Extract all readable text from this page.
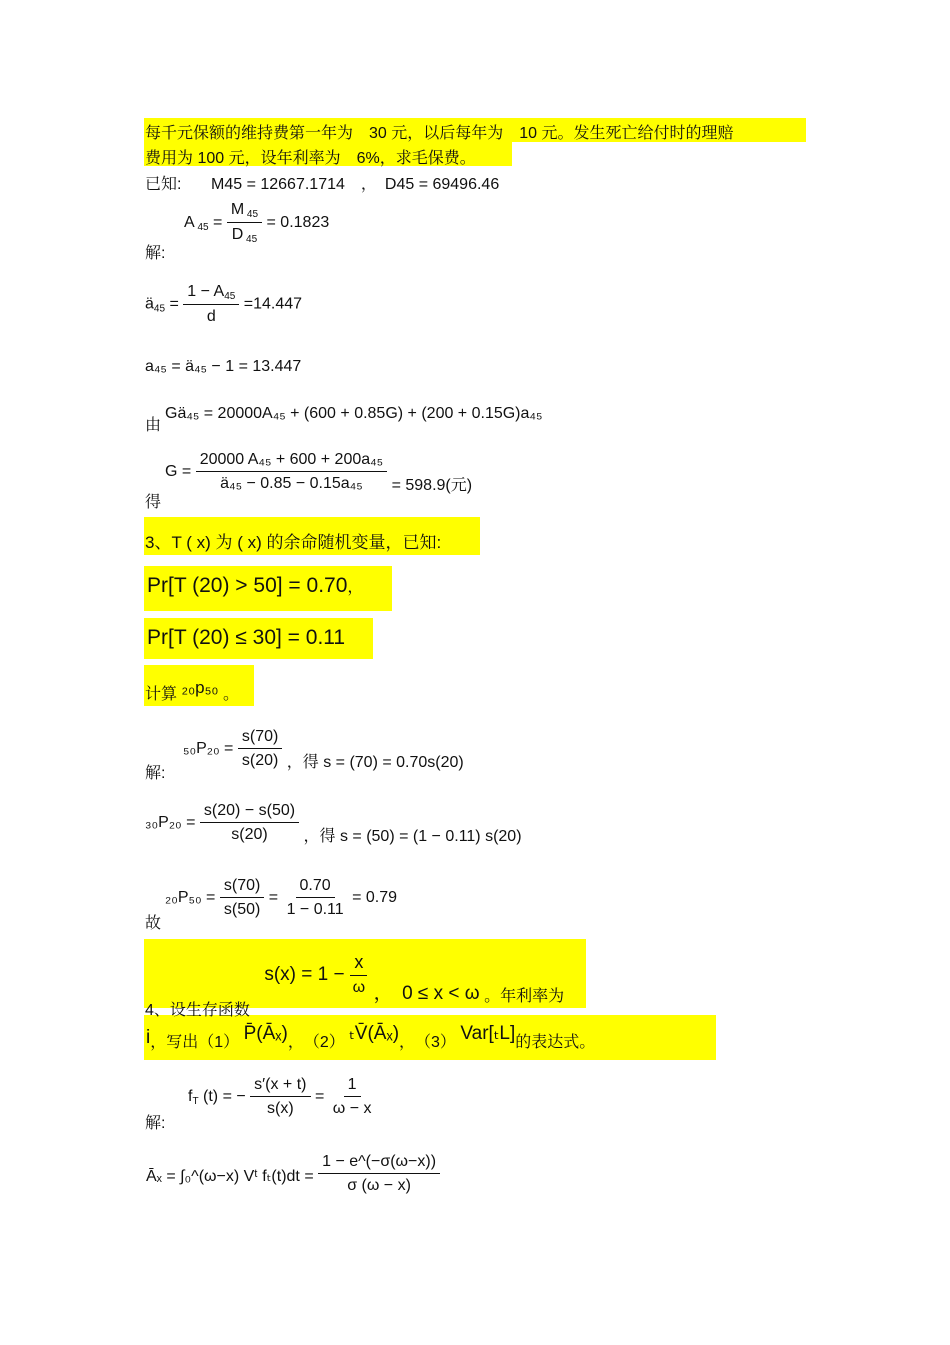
每千元保额的维持费第一年为　30 元，以后每年为　10 元。发生死亡给付时的理赔
费用为 100 元，设年利率为　6%，求毛保费。
已知: M45 = 12667.1714　，　D45 = 69496.46
解:
A $_{45} = \frac{M _{45}}{D _{45}} = 0.1823$
$ä_{45} = \frac{1 - A_{45}}{d} =14.447$
a₄₅ = ä₄₅ − 1 = 13.447
由
Gä₄₅ = 20000A₄₅ + (600 + 0.85G) + (200 + 0.15G)a₄₅
得
$G = \frac{\text{20000 A₄₅ + 600 + 200a₄₅}}{\text{ä₄₅ − 0.85 − 0.15a₄₅}} = 598.9$(元)
3、T ( x) 为 ( x) 的余命随机变量，已知:
Pr[T (20) > 50] = 0.70，
Pr[T (20) ≤ 30] = 0.11
计算 ₂₀p₅₀ 。
解:
$_{50}P_{20} = \frac{s(70)}{s(20)}$ ，得 s = (70) = 0.70s(20)
$_{30}P_{20} = \frac{s(20) - s(50)}{s(20)}$ ，得 s = (50) = (1 − 0.11) s(20)
故
$_{20}P_{50} = \frac{s(70)}{s(50)} = \frac{0.70}{1 - 0.11} = 0.79$
4、设生存函数
$s(x) = 1 - \frac{x}{\omega}$ ，　0 ≤ x < ω 。年利率为
i，写出（1） P̄(Āₓ)，　（2） ₜV̄(Āₓ)，　（3） Var[ₜL]的表达式。
解:
$f_T$ (t) = − $\frac{s'(x + t)}{s(x)} = \frac{1}{\omega - x}$
Āₓ = ∫₀^(ω−x) Vᵗ $f_t(t)dt = \frac{1 - e\^{}(-\sigma(\omega-x))}{\sigma (\omega - x)}$
